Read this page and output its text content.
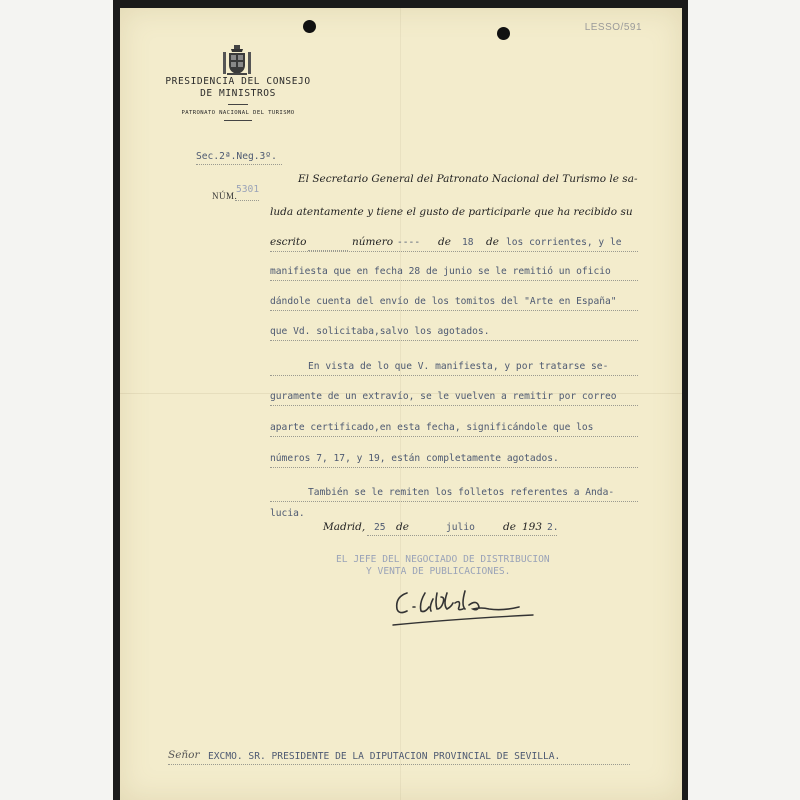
LESSO/591
PRESIDENCIA DEL CONSEJO
DE MINISTROS
PATRONATO NACIONAL DEL TURISMO
Sec.2ª.Neg.3º.
NÚM.
5301
El Secretario General del Patronato Nacional del Turismo le sa-
luda atentamente y tiene el gusto de participarle que ha recibido su
escrito	número ---- de 18 de los corrientes, y le
manifiesta que en fecha 28 de junio se le remitió un oficio
dándole cuenta del envío de los tomitos del "Arte en España"
que Vd. solicitaba,salvo los agotados.
En vista de lo que V. manifiesta, y por tratarse se-
guramente de un extravío, se le vuelven a remitir por correo
aparte certificado,en esta fecha, significándole que los
números 7, 17, y 19, están completamente agotados.
También se le remiten los folletos referentes a Anda-
lucia.
Madrid, 25 de	julio	de 193 2.
EL JEFE DEL NEGOCIADO DE DISTRIBUCION
Y VENTA DE PUBLICACIONES.
Señor EXCMO. SR. PRESIDENTE DE LA DIPUTACION PROVINCIAL DE SEVILLA.
